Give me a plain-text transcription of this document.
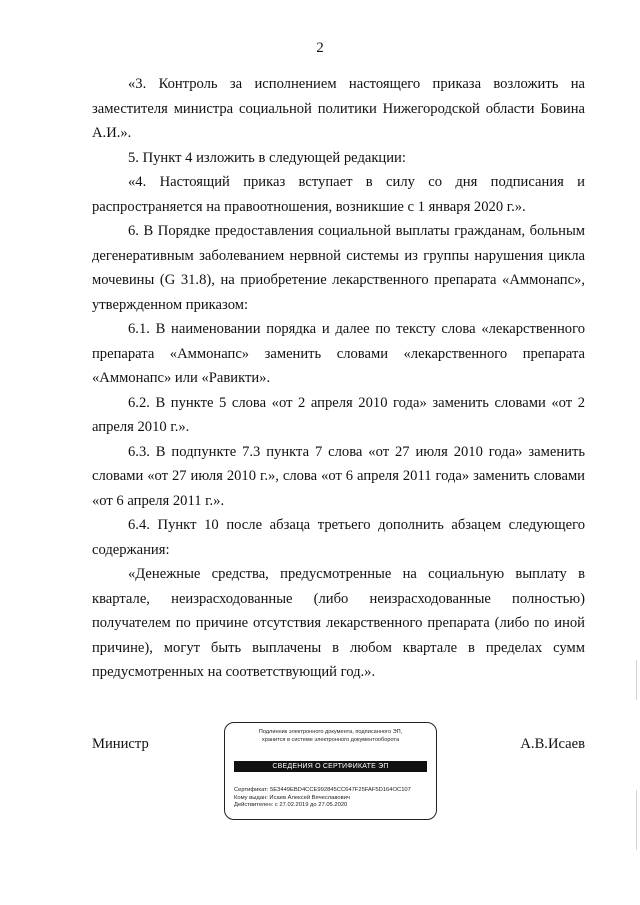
2

«3. Контроль за исполнением настоящего приказа возложить на заместителя министра социальной политики Нижегородской области Бовина А.И.».

5. Пункт 4 изложить в следующей редакции:

«4. Настоящий приказ вступает в силу со дня подписания и распространяется на правоотношения, возникшие с 1 января 2020 г.».

6. В Порядке предоставления социальной выплаты гражданам, больным дегенеративным заболеванием нервной системы из группы нарушения цикла мочевины (G 31.8), на приобретение лекарственного препарата «Аммонапс», утвержденном приказом:

6.1. В наименовании порядка и далее по тексту слова «лекарственного препарата «Аммонапс» заменить словами «лекарственного препарата «Аммонапс» или «Равикти».

6.2. В пункте 5 слова «от 2 апреля 2010 года» заменить словами «от 2 апреля 2010 г.».

6.3. В подпункте 7.3 пункта 7 слова «от 27 июля 2010 года» заменить словами «от 27 июля 2010 г.», слова «от 6 апреля 2011 года» заменить словами «от 6 апреля 2011 г.».

6.4. Пункт 10 после абзаца третьего дополнить абзацем следующего содержания:

«Денежные средства, предусмотренные на социальную выплату в квартале, неизрасходованные (либо неизрасходованные полностью) получателем по причине отсутствия лекарственного препарата (либо по иной причине), могут быть выплачены в любом квартале в пределах сумм предусмотренных на соответствующий год.».

Министр	А.В.Исаев
Подлинник электронного документа, подписанного ЭП,
хранится в системе электронного документооборота
СВЕДЕНИЯ О СЕРТИФИКАТЕ ЭП
Сертификат: 5E3449EBD4CCE992845CC647F25FAF5D164OC107
Кому выдан: Исаев Алексей Вячеславович
Действителен: с 27.02.2019 до 27.05.2020
